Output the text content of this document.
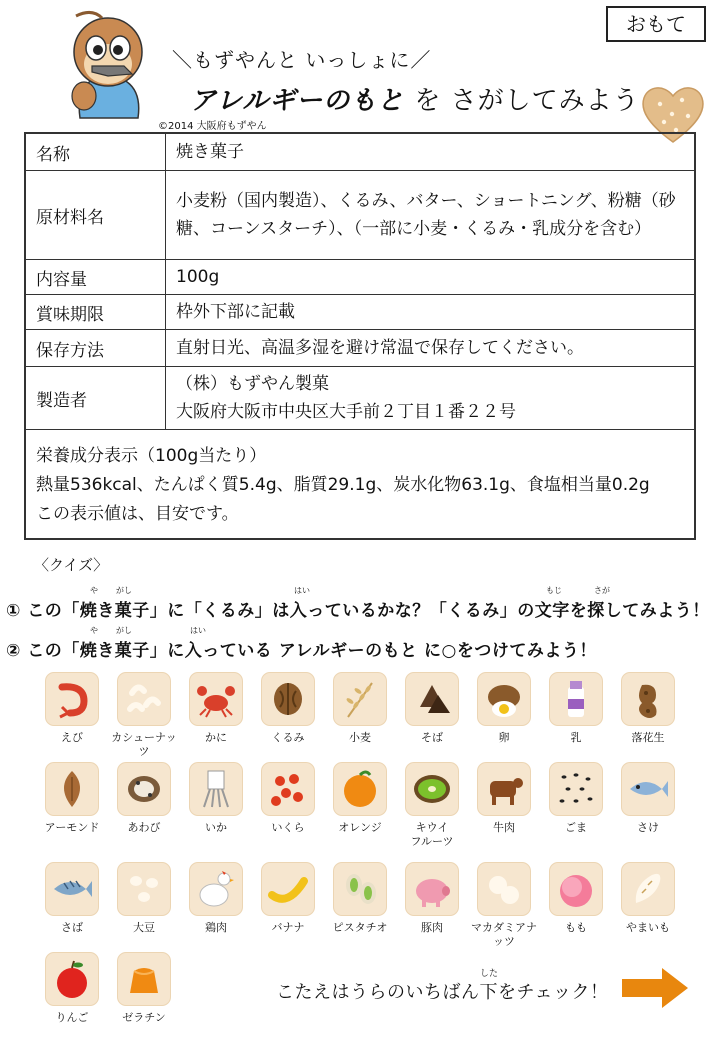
おもて
＼もずやんと いっしょに／
アレルギーのもと を さがしてみよう
©2014 大阪府もずやん
名称	焼き菓子
原材料名	小麦粉（国内製造）、くるみ、バター、ショートニング、粉糖（砂糖、コーンスターチ）、（一部に小麦・くるみ・乳成分を含む）
内容量	100g
賞味期限	枠外下部に記載
保存方法	直射日光、高温多湿を避け常温で保存してください。
製造者	（株）もずやん製菓
大阪府大阪市中央区大手前２丁目１番２２号

栄養成分表示（100g当たり）
熱量536kcal、たんぱく質5.4g、脂質29.1g、炭水化物63.1g、食塩相当量0.2g
この表示値は、目安です。	
〈クイズ〉
や がし	はい	もじ	さが
① この「焼き菓子」に「くるみ」は入っているかな？「くるみ」の文字を探してみよう！
や がし	はい
② この「焼き菓子」に入っている アレルギーのもと に○をつけてみよう！
えび	カシューナッツ
かに	くるみ	小麦	そば	卵	乳	落花生
アーモンド	あわび	いか	いくら	オレンジ	キウイ
フルーツ
牛肉	ごま	さけ
さば	大豆	鶏肉	バナナ	ピスタチオ	豚肉	マカダミアナッツ
もも	やまいも
りんご	ゼラチン
した
こたえはうらのいちばん下をチェック！
